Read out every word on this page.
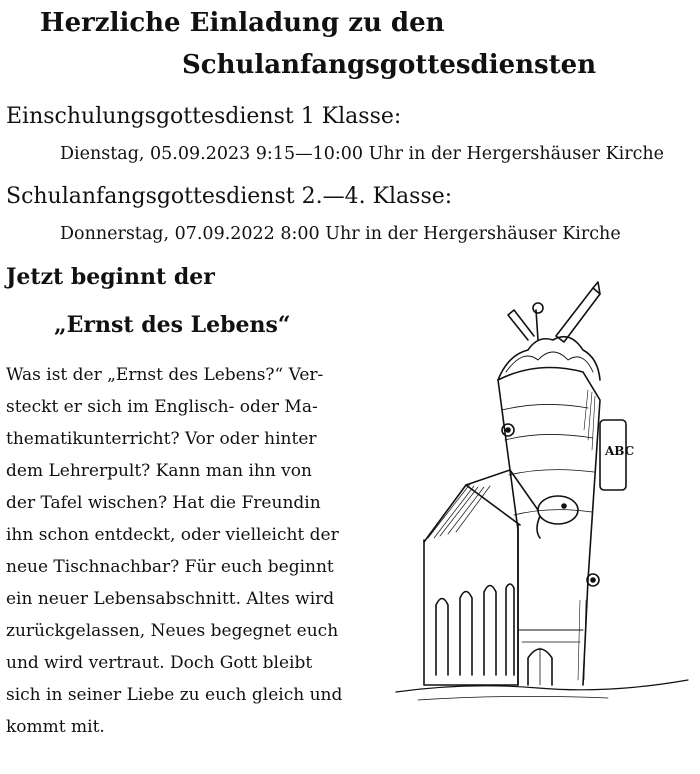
Herzliche Einladung zu den
Schulanfangsgottesdiensten
Einschulungsgottesdienst 1 Klasse:
Dienstag, 05.09.2023 9:15—10:00 Uhr in der Hergershäuser Kirche
Schulanfangsgottesdienst 2.—4. Klasse:
Donnerstag, 07.09.2022 8:00 Uhr in der Hergershäuser Kirche
Jetzt beginnt der
„Ernst des Lebens“
Was ist der „Ernst des Lebens?“ Ver-
steckt er sich im Englisch- oder Ma-
thematikunterricht? Vor oder hinter
dem Lehrerpult? Kann man ihn von
der Tafel wischen? Hat die Freundin
ihn schon entdeckt, oder vielleicht der
neue Tischnachbar? Für euch beginnt
ein neuer Lebensabschnitt. Altes wird
zurückgelassen, Neues begegnet euch
und wird vertraut. Doch Gott bleibt
sich in seiner Liebe zu euch gleich und
kommt mit.
ABC
